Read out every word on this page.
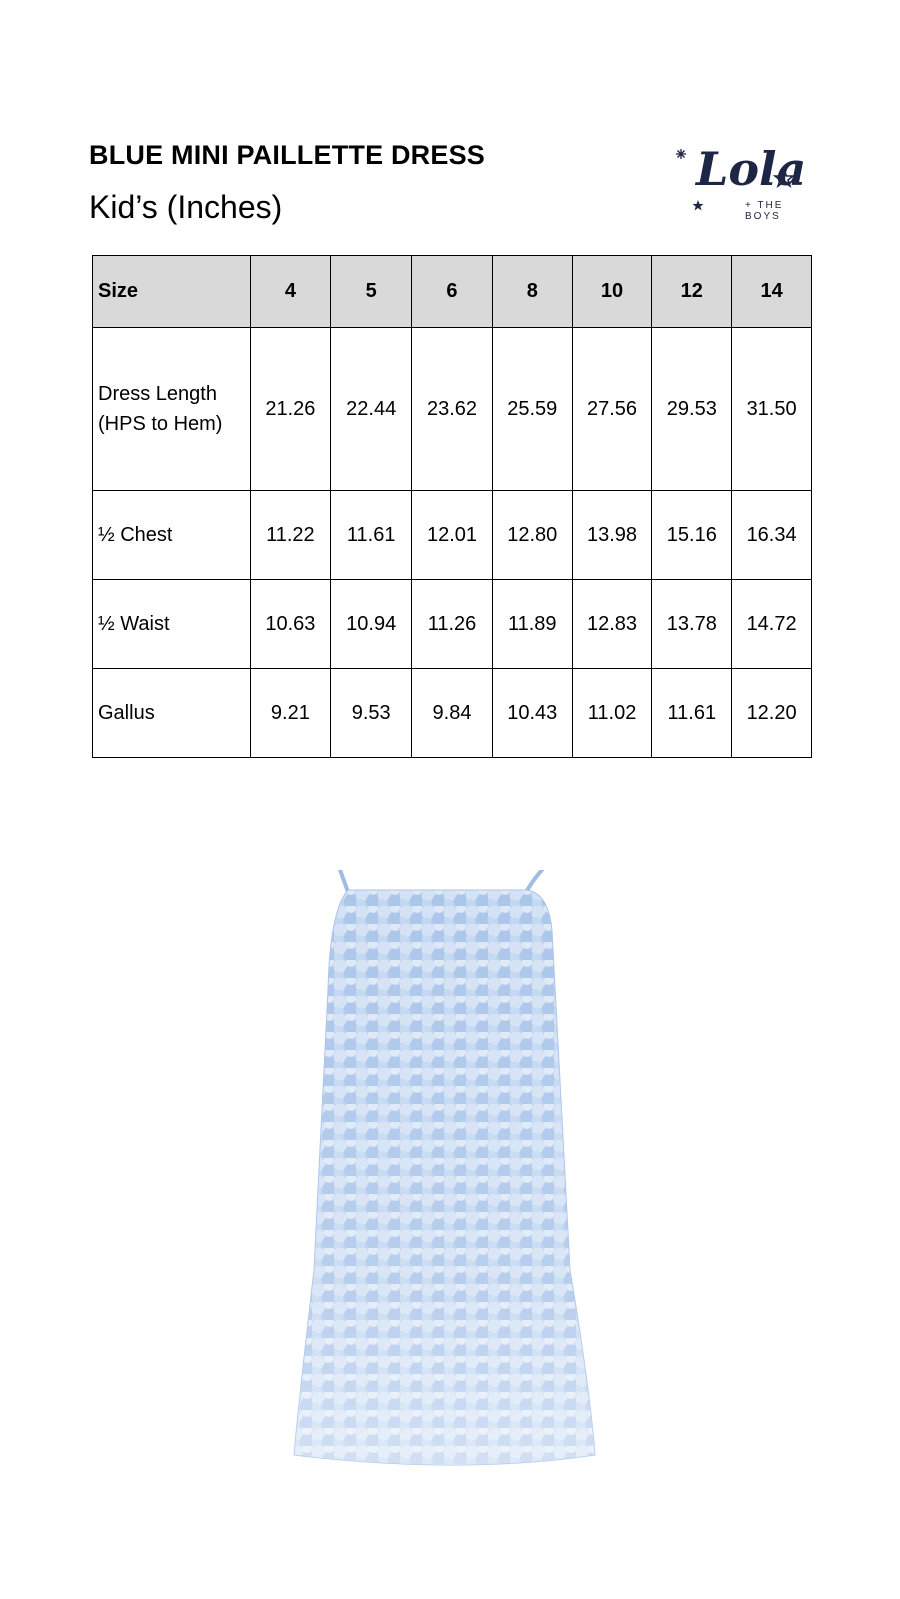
BLUE MINI PAILLETTE DRESS
Kid’s (Inches)
Lola
+ THE BOYS
Size	4	5	6	8	10	12	14
Dress Length
(HPS to Hem)	21.26	22.44	23.62	25.59	27.56	29.53	31.50
½ Chest	11.22	11.61	12.01	12.80	13.98	15.16	16.34
½ Waist	10.63	10.94	11.26	11.89	12.83	13.78	14.72
Gallus	9.21	9.53	9.84	10.43	11.02	11.61	12.20
